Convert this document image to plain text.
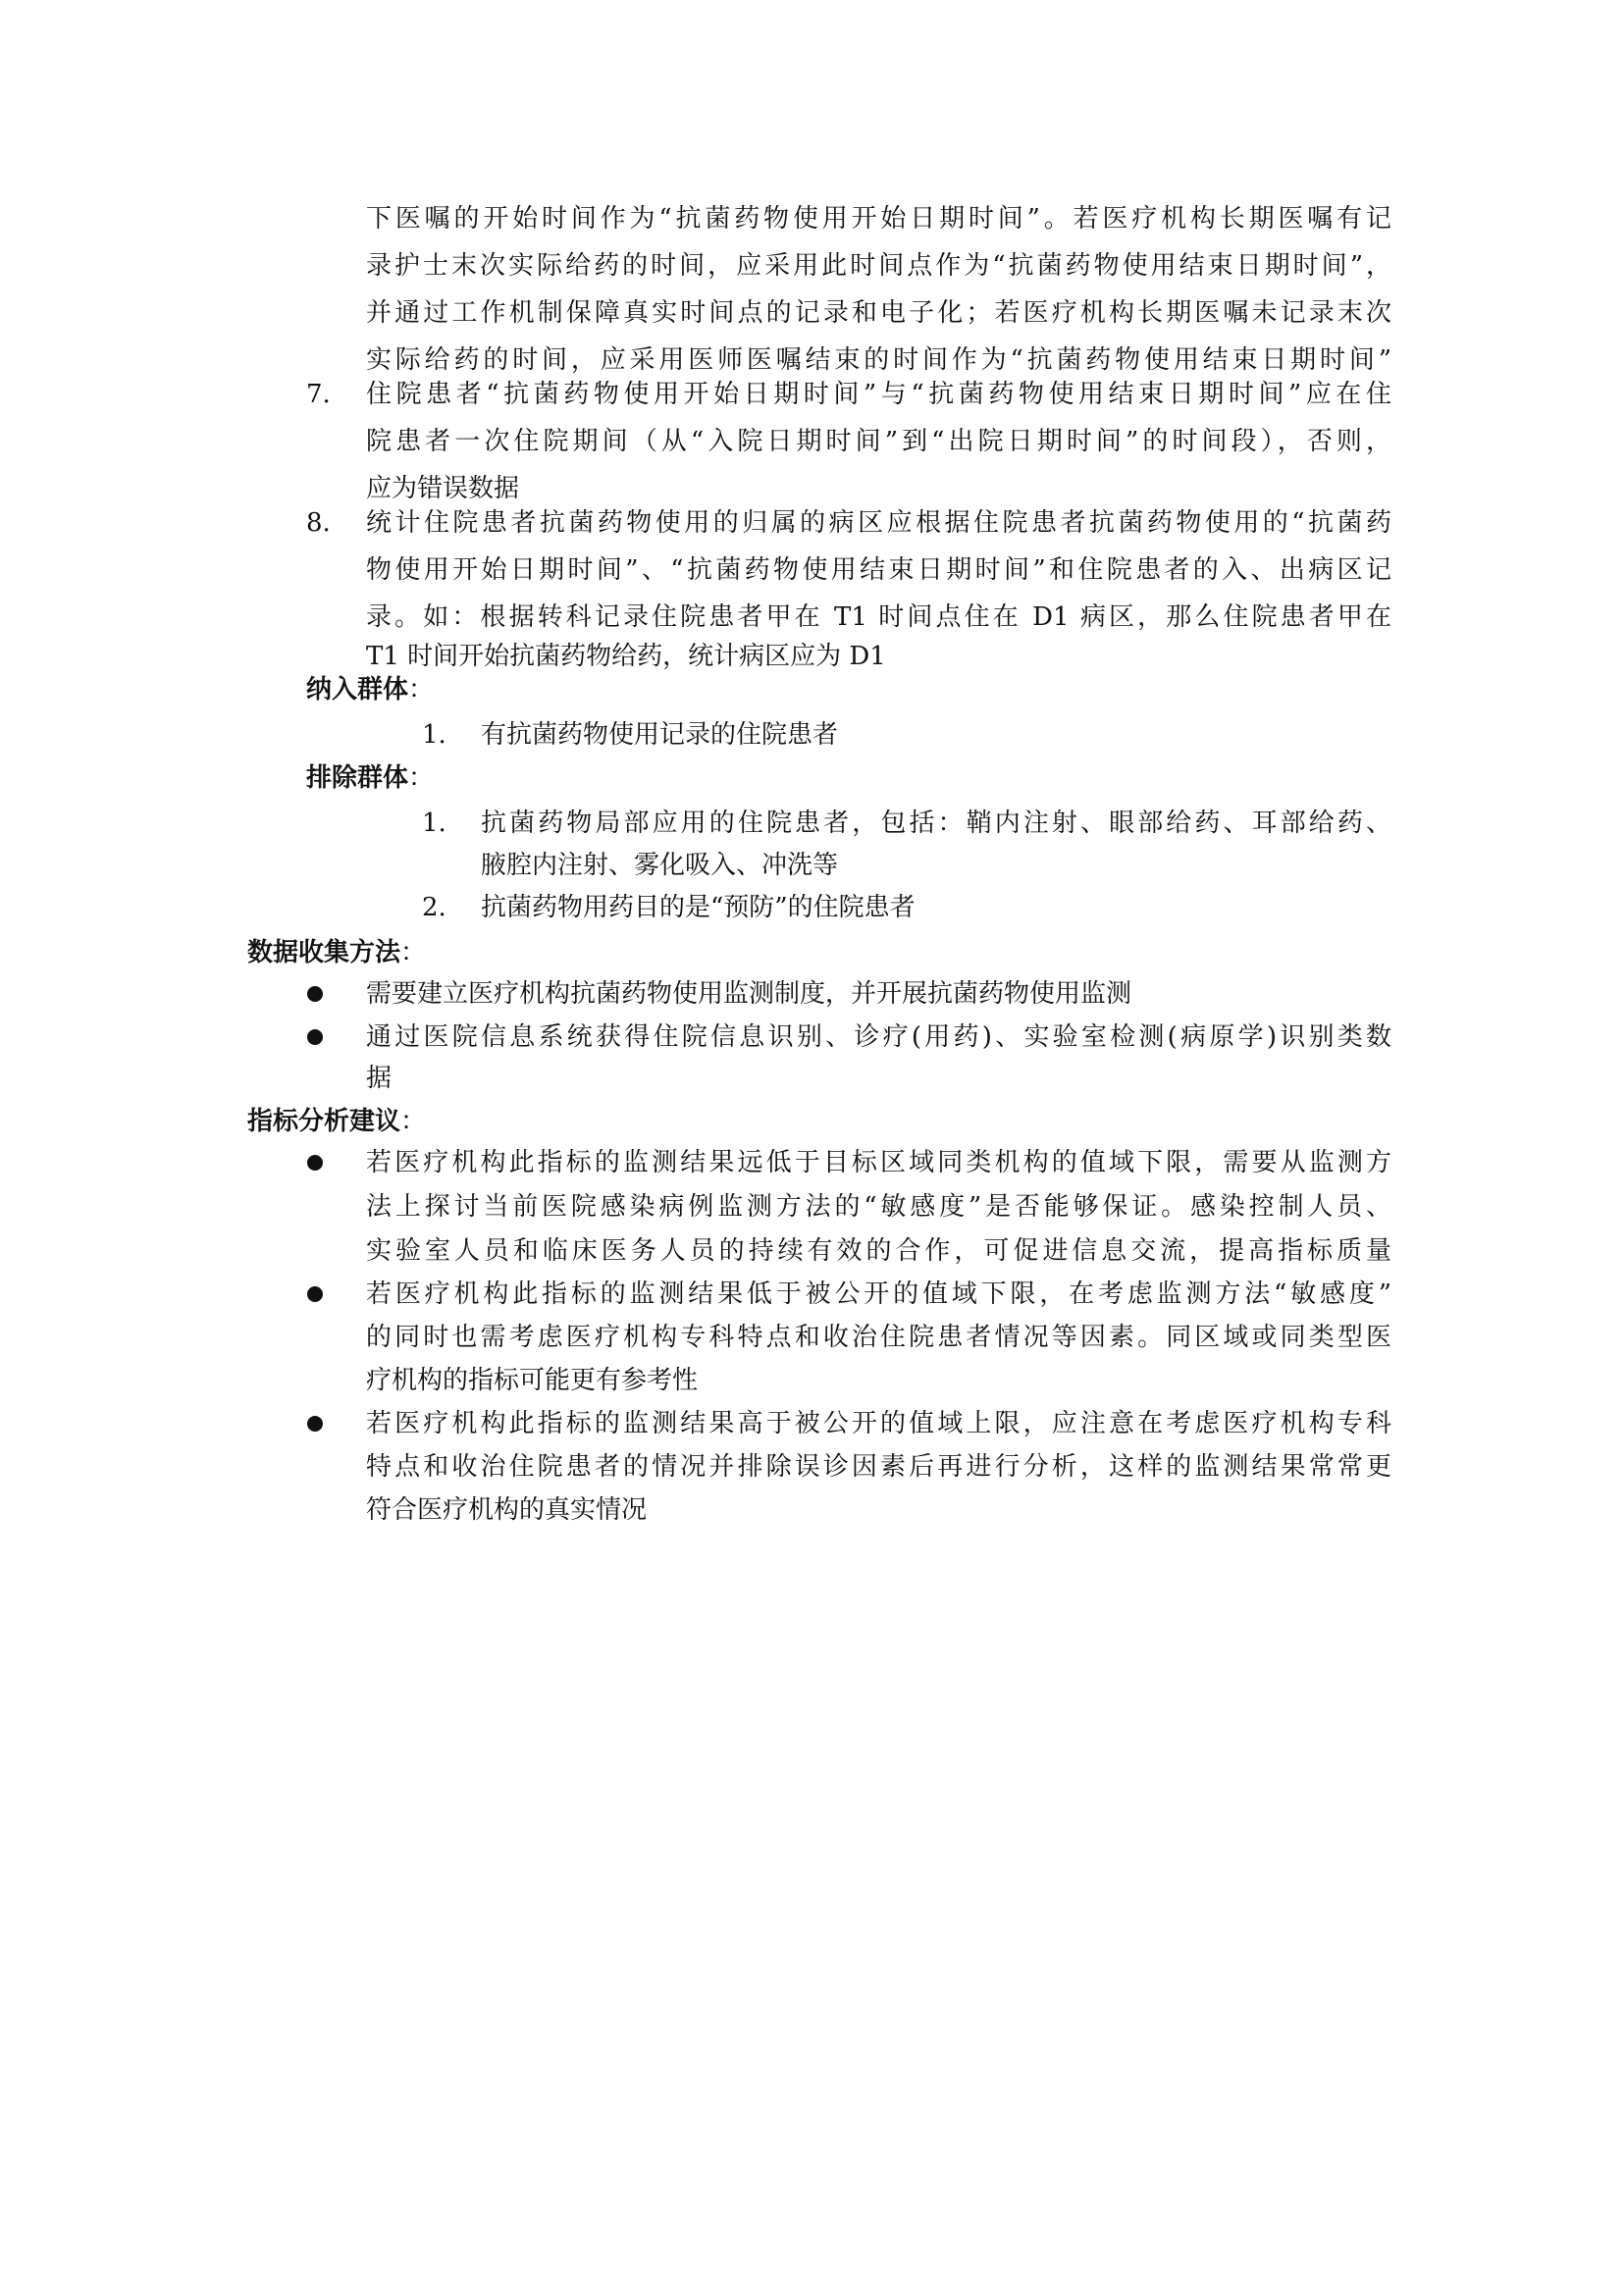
下医嘱的开始时间作为“抗菌药物使用开始日期时间”。若医疗机构长期医嘱有记
录护士末次实际给药的时间，应采用此时间点作为“抗菌药物使用结束日期时间”，
并通过工作机制保障真实时间点的记录和电子化；若医疗机构长期医嘱未记录末次
实际给药的时间，应采用医师医嘱结束的时间作为“抗菌药物使用结束日期时间”
7. 住院患者“抗菌药物使用开始日期时间”与“抗菌药物使用结束日期时间”应在住
院患者一次住院期间（从“入院日期时间”到“出院日期时间”的时间段），否则，
应为错误数据
8. 统计住院患者抗菌药物使用的归属的病区应根据住院患者抗菌药物使用的“抗菌药
物使用开始日期时间”、“抗菌药物使用结束日期时间”和住院患者的入、出病区记
录。如：根据转科记录住院患者甲在 T1 时间点住在 D1 病区，那么住院患者甲在
T1 时间开始抗菌药物给药，统计病区应为 D1
纳入群体：
1. 有抗菌药物使用记录的住院患者
排除群体：
1. 抗菌药物局部应用的住院患者，包括：鞘内注射、眼部给药、耳部给药、
腋腔内注射、雾化吸入、冲洗等
2. 抗菌药物用药目的是“预防”的住院患者
数据收集方法：
需要建立医疗机构抗菌药物使用监测制度，并开展抗菌药物使用监测
通过医院信息系统获得住院信息识别、诊疗(用药)、实验室检测(病原学)识别类数
据
指标分析建议：
若医疗机构此指标的监测结果远低于目标区域同类机构的值域下限，需要从监测方
法上探讨当前医院感染病例监测方法的“敏感度”是否能够保证。感染控制人员、
实验室人员和临床医务人员的持续有效的合作，可促进信息交流，提高指标质量
若医疗机构此指标的监测结果低于被公开的值域下限，在考虑监测方法“敏感度”
的同时也需考虑医疗机构专科特点和收治住院患者情况等因素。同区域或同类型医
疗机构的指标可能更有参考性
若医疗机构此指标的监测结果高于被公开的值域上限，应注意在考虑医疗机构专科
特点和收治住院患者的情况并排除误诊因素后再进行分析，这样的监测结果常常更
符合医疗机构的真实情况
